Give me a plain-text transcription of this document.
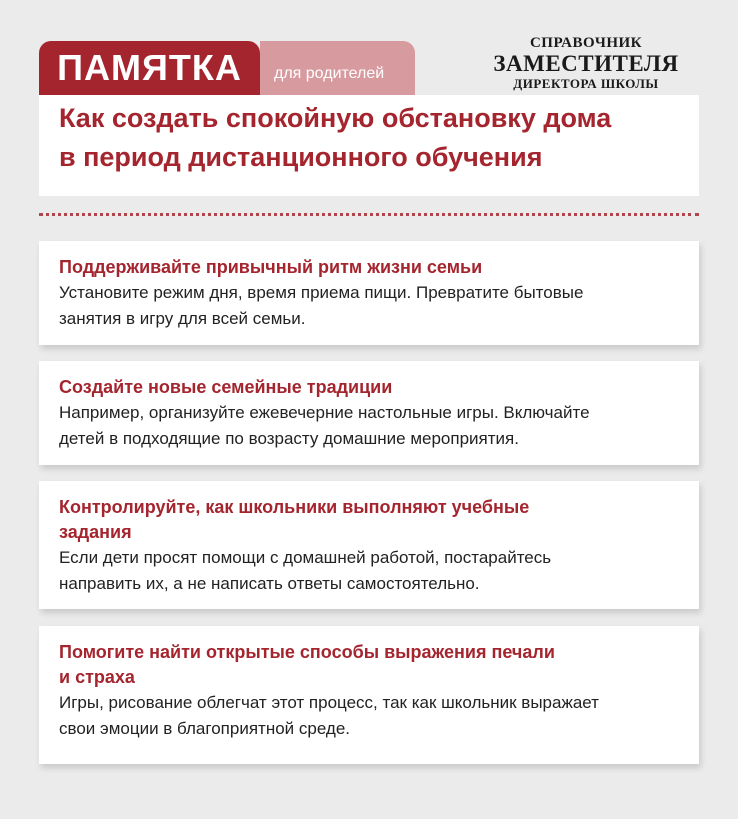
ПАМЯТКА	для родителей
СПРАВОЧНИК
ЗАМЕСТИТЕЛЯ
ДИРЕКТОРА ШКОЛЫ
Как создать спокойную обстановку дома
в период дистанционного обучения
Поддерживайте привычный ритм жизни семьи

Установите режим дня, время приема пищи. Превратите бытовые
занятия в игру для всей семьи.

Создайте новые семейные традиции

Например, организуйте ежевечерние настольные игры. Включайте
детей в подходящие по возрасту домашние мероприятия.

Контролируйте, как школьники выполняют учебные
задания

Если дети просят помощи с домашней работой, постарайтесь
направить их, а не написать ответы самостоятельно.

Помогите найти открытые способы выражения печали
и страха

Игры, рисование облегчат этот процесс, так как школьник выражает
свои эмоции в благоприятной среде.
